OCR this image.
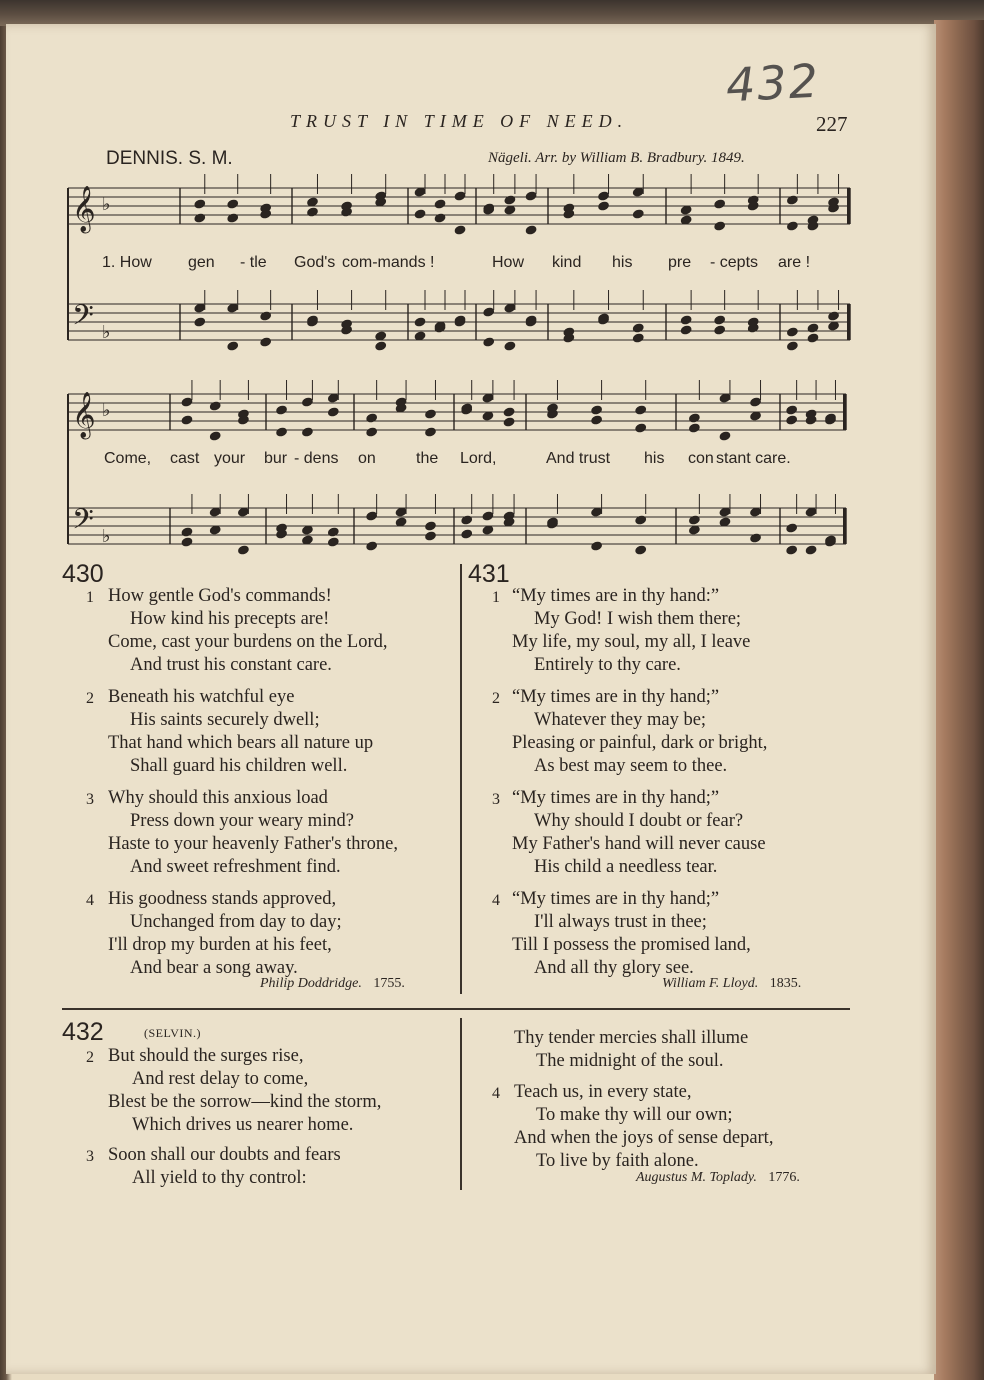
432
TRUST IN TIME OF NEED.	227
DENNIS. S. M.	Nägeli. Arr. by William B. Bradbury. 1849.
𝄞
𝄢
♭
♭
𝄞
𝄢
♭
♭
1. How gen - tle God's com-mands !	How kind his pre - cepts are !
Come, cast your bur - dens on	the Lord,	And trust his con stant care.
430
1 How gentle God's commands!
How kind his precepts are!
Come, cast your burdens on the Lord,
And trust his constant care.
2 Beneath his watchful eye
His saints securely dwell;
That hand which bears all nature up
Shall guard his children well.
3 Why should this anxious load
Press down your weary mind?
Haste to your heavenly Father's throne,
And sweet refreshment find.
4 His goodness stands approved,
Unchanged from day to day;
I'll drop my burden at his feet,
And bear a song away.
Philip Doddridge. 1755.
431
1 “My times are in thy hand:”
My God! I wish them there;
My life, my soul, my all, I leave
Entirely to thy care.
2 “My times are in thy hand;”
Whatever they may be;
Pleasing or painful, dark or bright,
As best may seem to thee.
3 “My times are in thy hand;”
Why should I doubt or fear?
My Father's hand will never cause
His child a needless tear.
4 “My times are in thy hand;”
I'll always trust in thee;
Till I possess the promised land,
And all thy glory see.
William F. Lloyd. 1835.
432	(SELVIN.)
2 But should the surges rise,
And rest delay to come,
Blest be the sorrow—kind the storm,
Which drives us nearer home.
3 Soon shall our doubts and fears
All yield to thy control:
Thy tender mercies shall illume
The midnight of the soul.
4 Teach us, in every state,
To make thy will our own;
And when the joys of sense depart,
To live by faith alone.
Augustus M. Toplady. 1776.
